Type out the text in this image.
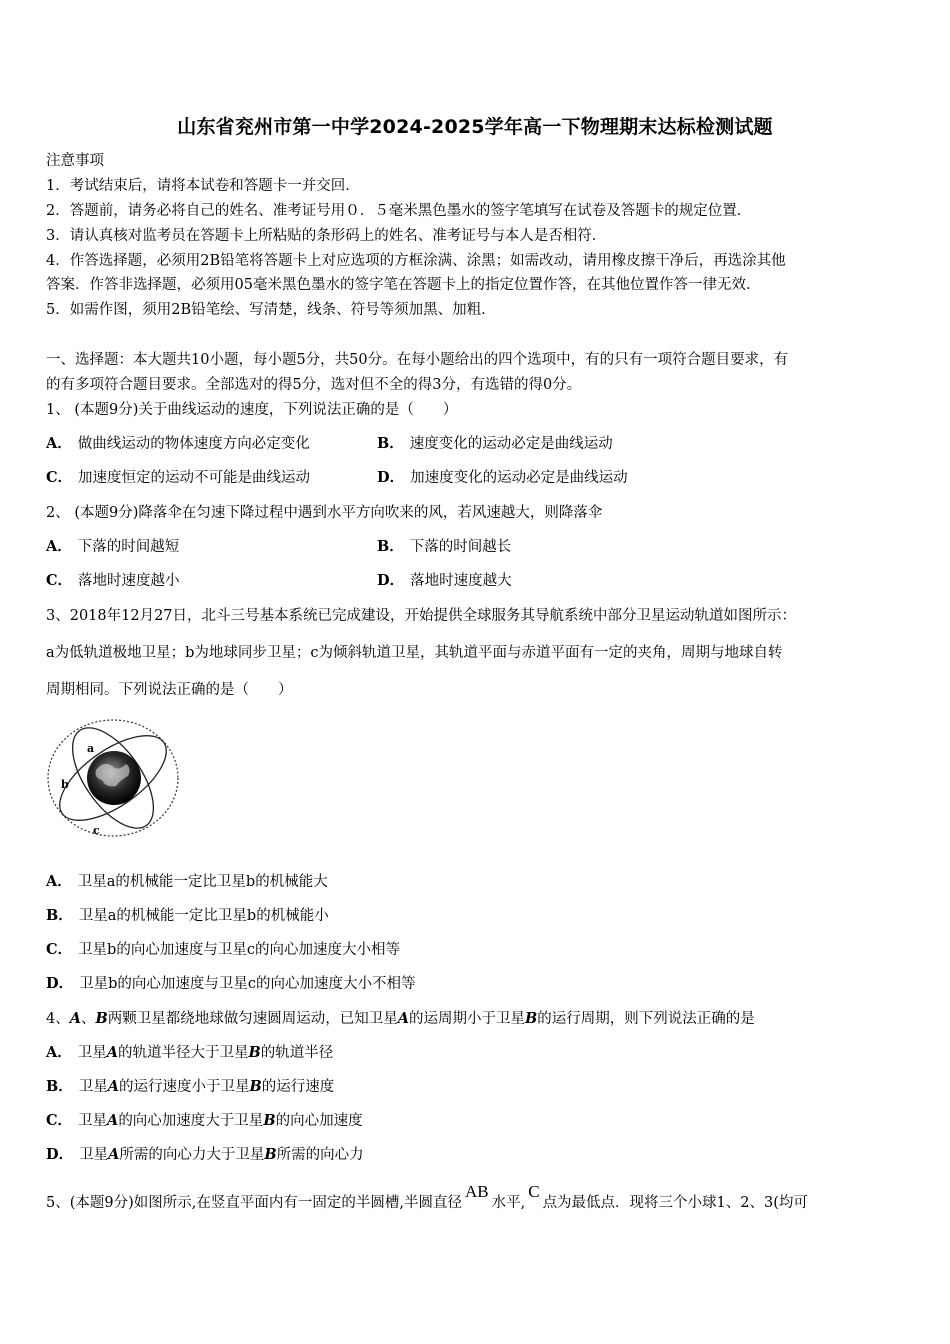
山东省兖州市第一中学2024-2025学年高一下物理期末达标检测试题
注意事项
1．考试结束后，请将本试卷和答题卡一并交回．
2．答题前，请务必将自己的姓名、准考证号用０．５毫米黑色墨水的签字笔填写在试卷及答题卡的规定位置．
3．请认真核对监考员在答题卡上所粘贴的条形码上的姓名、准考证号与本人是否相符．
4．作答选择题，必须用2B铅笔将答题卡上对应选项的方框涂满、涂黑；如需改动，请用橡皮擦干净后，再选涂其他
答案．作答非选择题，必须用05毫米黑色墨水的签字笔在答题卡上的指定位置作答，在其他位置作答一律无效．
5．如需作图，须用2B铅笔绘、写清楚，线条、符号等须加黑、加粗．
一、选择题：本大题共10小题，每小题5分，共50分。在每小题给出的四个选项中，有的只有一项符合题目要求，有
的有多项符合题目要求。全部选对的得5分，选对但不全的得3分，有选错的得0分。
1、 (本题9分)关于曲线运动的速度，下列说法正确的是（　　）
A． 做曲线运动的物体速度方向必定变化	B． 速度变化的运动必定是曲线运动
C． 加速度恒定的运动不可能是曲线运动	D． 加速度变化的运动必定是曲线运动
2、 (本题9分)降落伞在匀速下降过程中遇到水平方向吹来的风，若风速越大，则降落伞
A． 下落的时间越短	B． 下落的时间越长
C． 落地时速度越小	D． 落地时速度越大
3、2018年12月27日，北斗三号基本系统已完成建设，开始提供全球服务其导航系统中部分卫星运动轨道如图所示：
a为低轨道极地卫星；b为地球同步卫星；c为倾斜轨道卫星，其轨道平面与赤道平面有一定的夹角，周期与地球自转
周期相同。下列说法正确的是（　　）
a
b
c
A． 卫星a的机械能一定比卫星b的机械能大
B． 卫星a的机械能一定比卫星b的机械能小
C． 卫星b的向心加速度与卫星c的向心加速度大小相等
D． 卫星b的向心加速度与卫星c的向心加速度大小不相等
4、A、B两颗卫星都绕地球做匀速圆周运动，已知卫星A的运周期小于卫星B的运行周期，则下列说法正确的是
A． 卫星A的轨道半径大于卫星B的轨道半径
B． 卫星A的运行速度小于卫星B的运行速度
C． 卫星A的向心加速度大于卫星B的向心加速度
D． 卫星A所需的向心力大于卫星B所需的向心力
5、(本题9分)如图所示,在竖直平面内有一固定的半圆槽,半圆直径AB水平,C点为最低点．现将三个小球1、2、3(均可
